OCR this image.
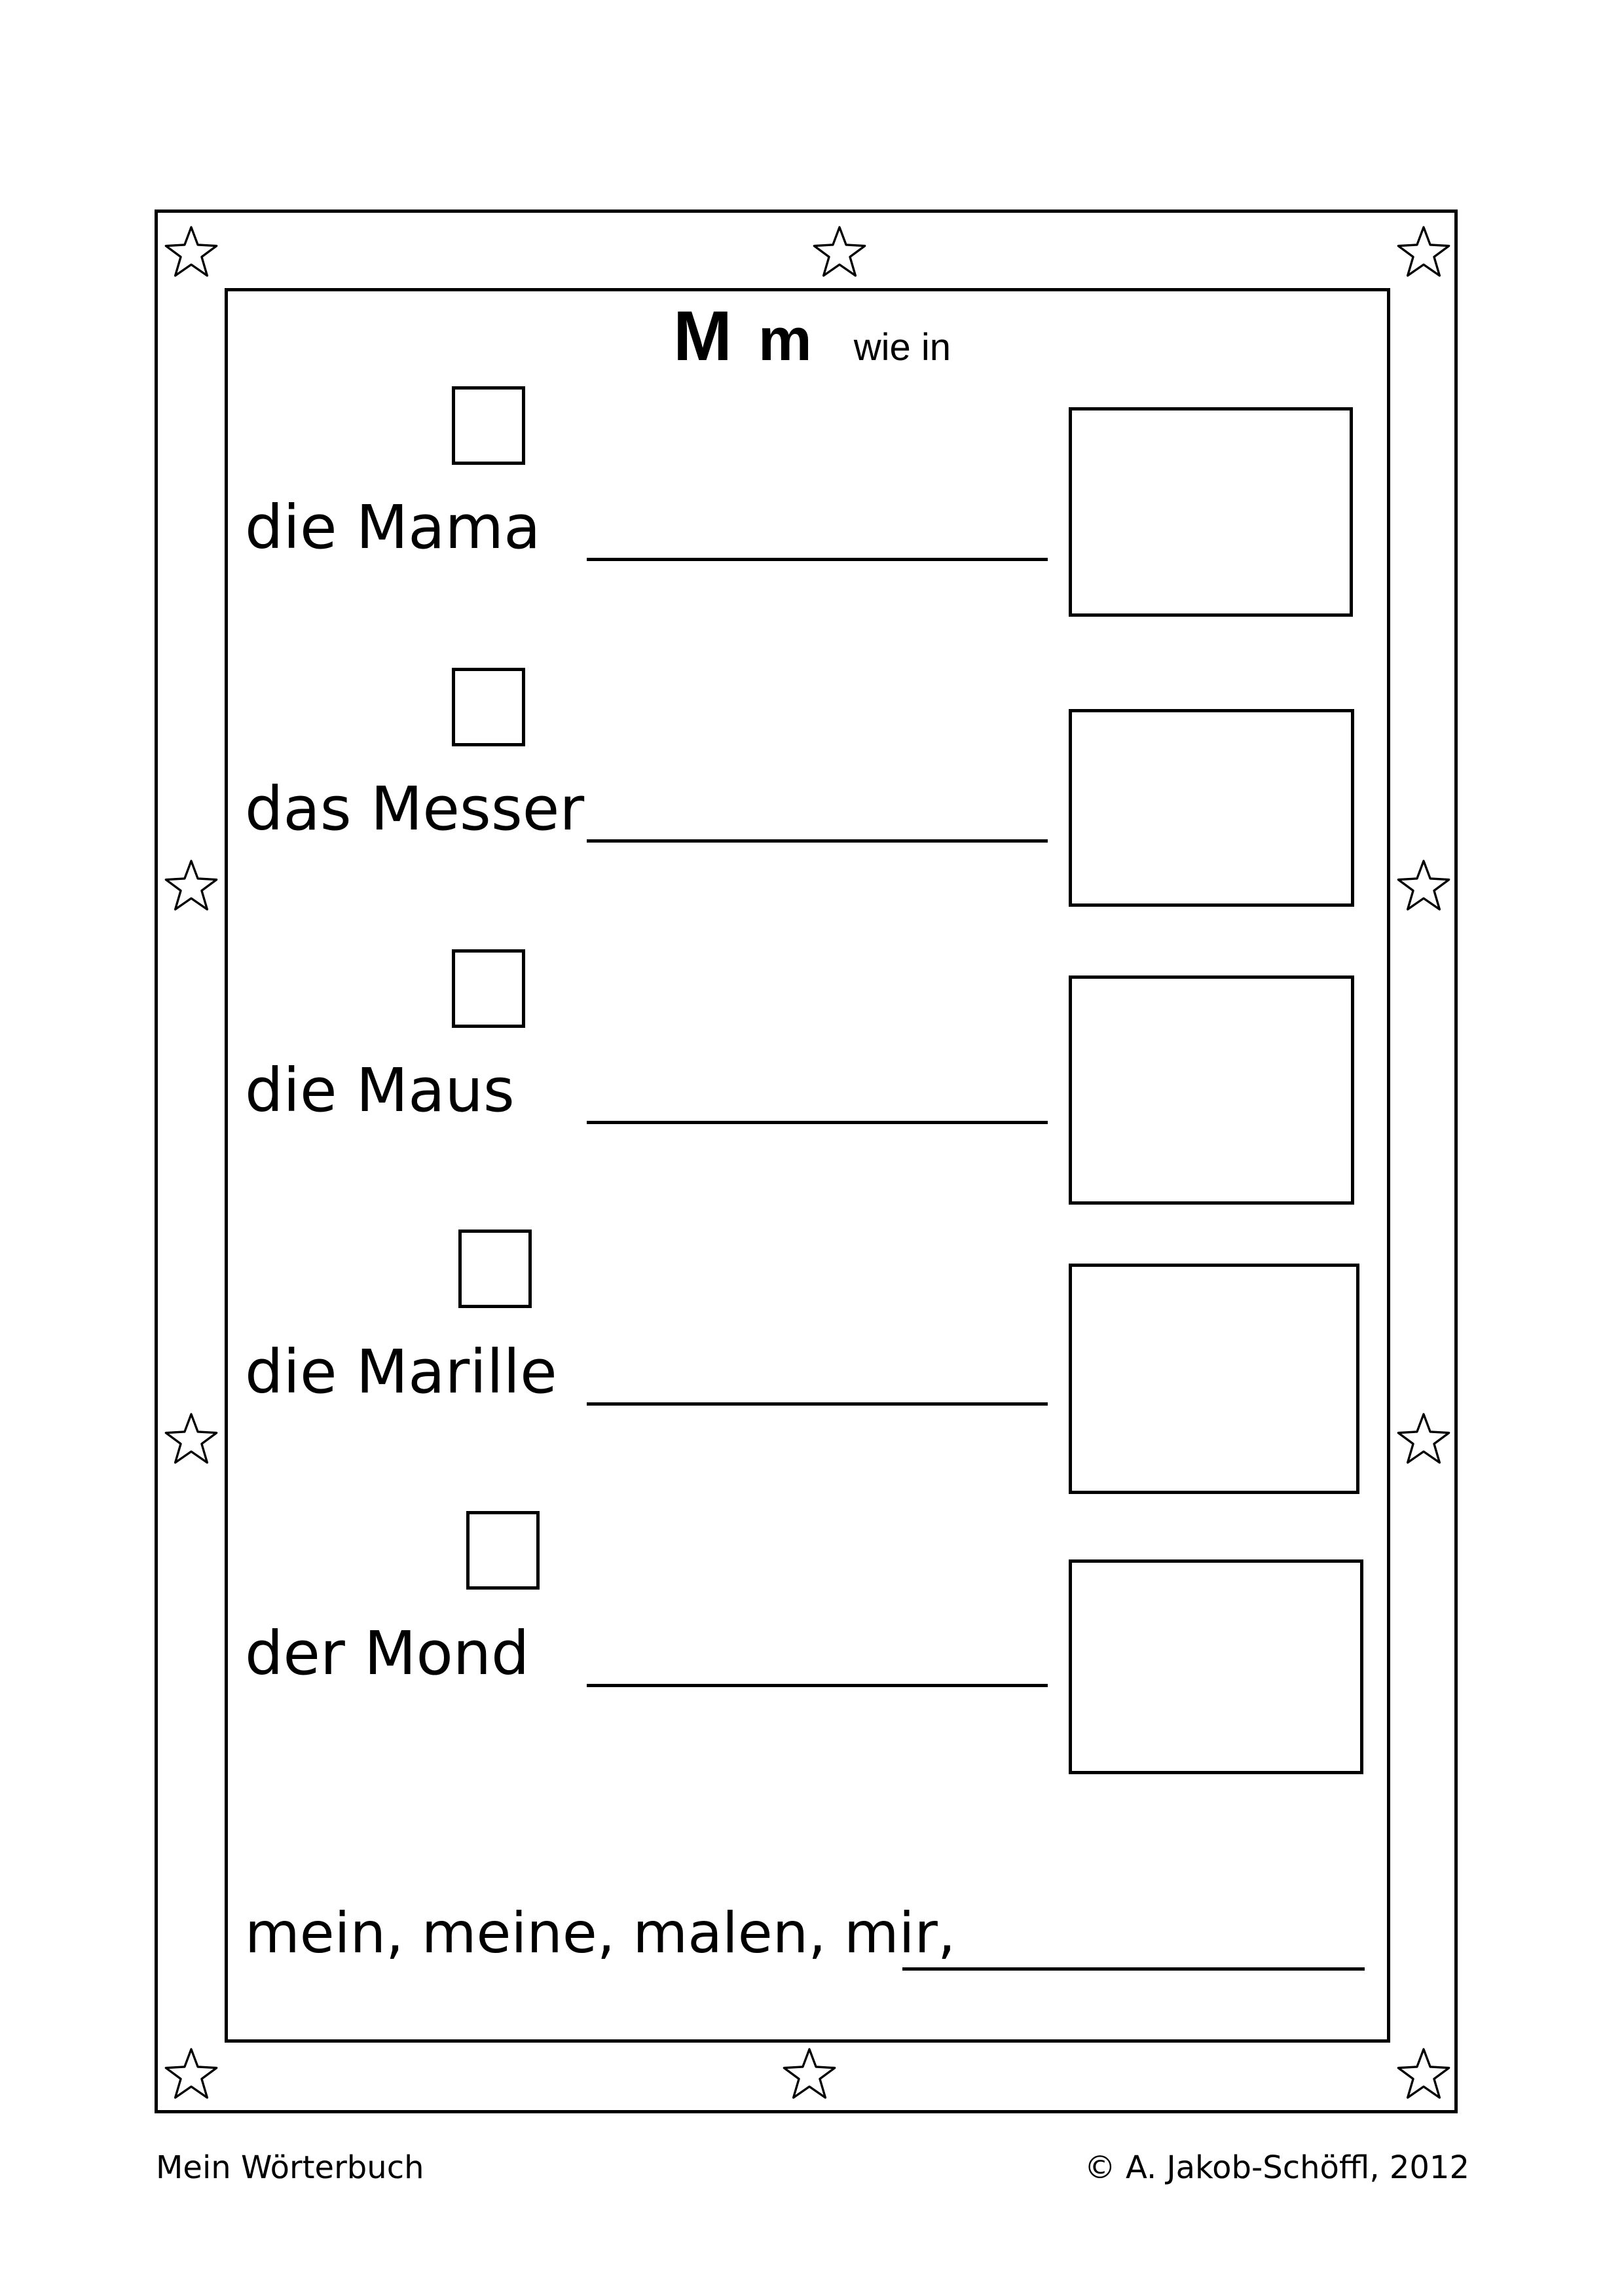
M m wie in
die Mama
das Messer
die Maus
die Marille
der Mond
mein, meine, malen, mir,
Mein Wörterbuch	© A. Jakob-Schöffl, 2012
